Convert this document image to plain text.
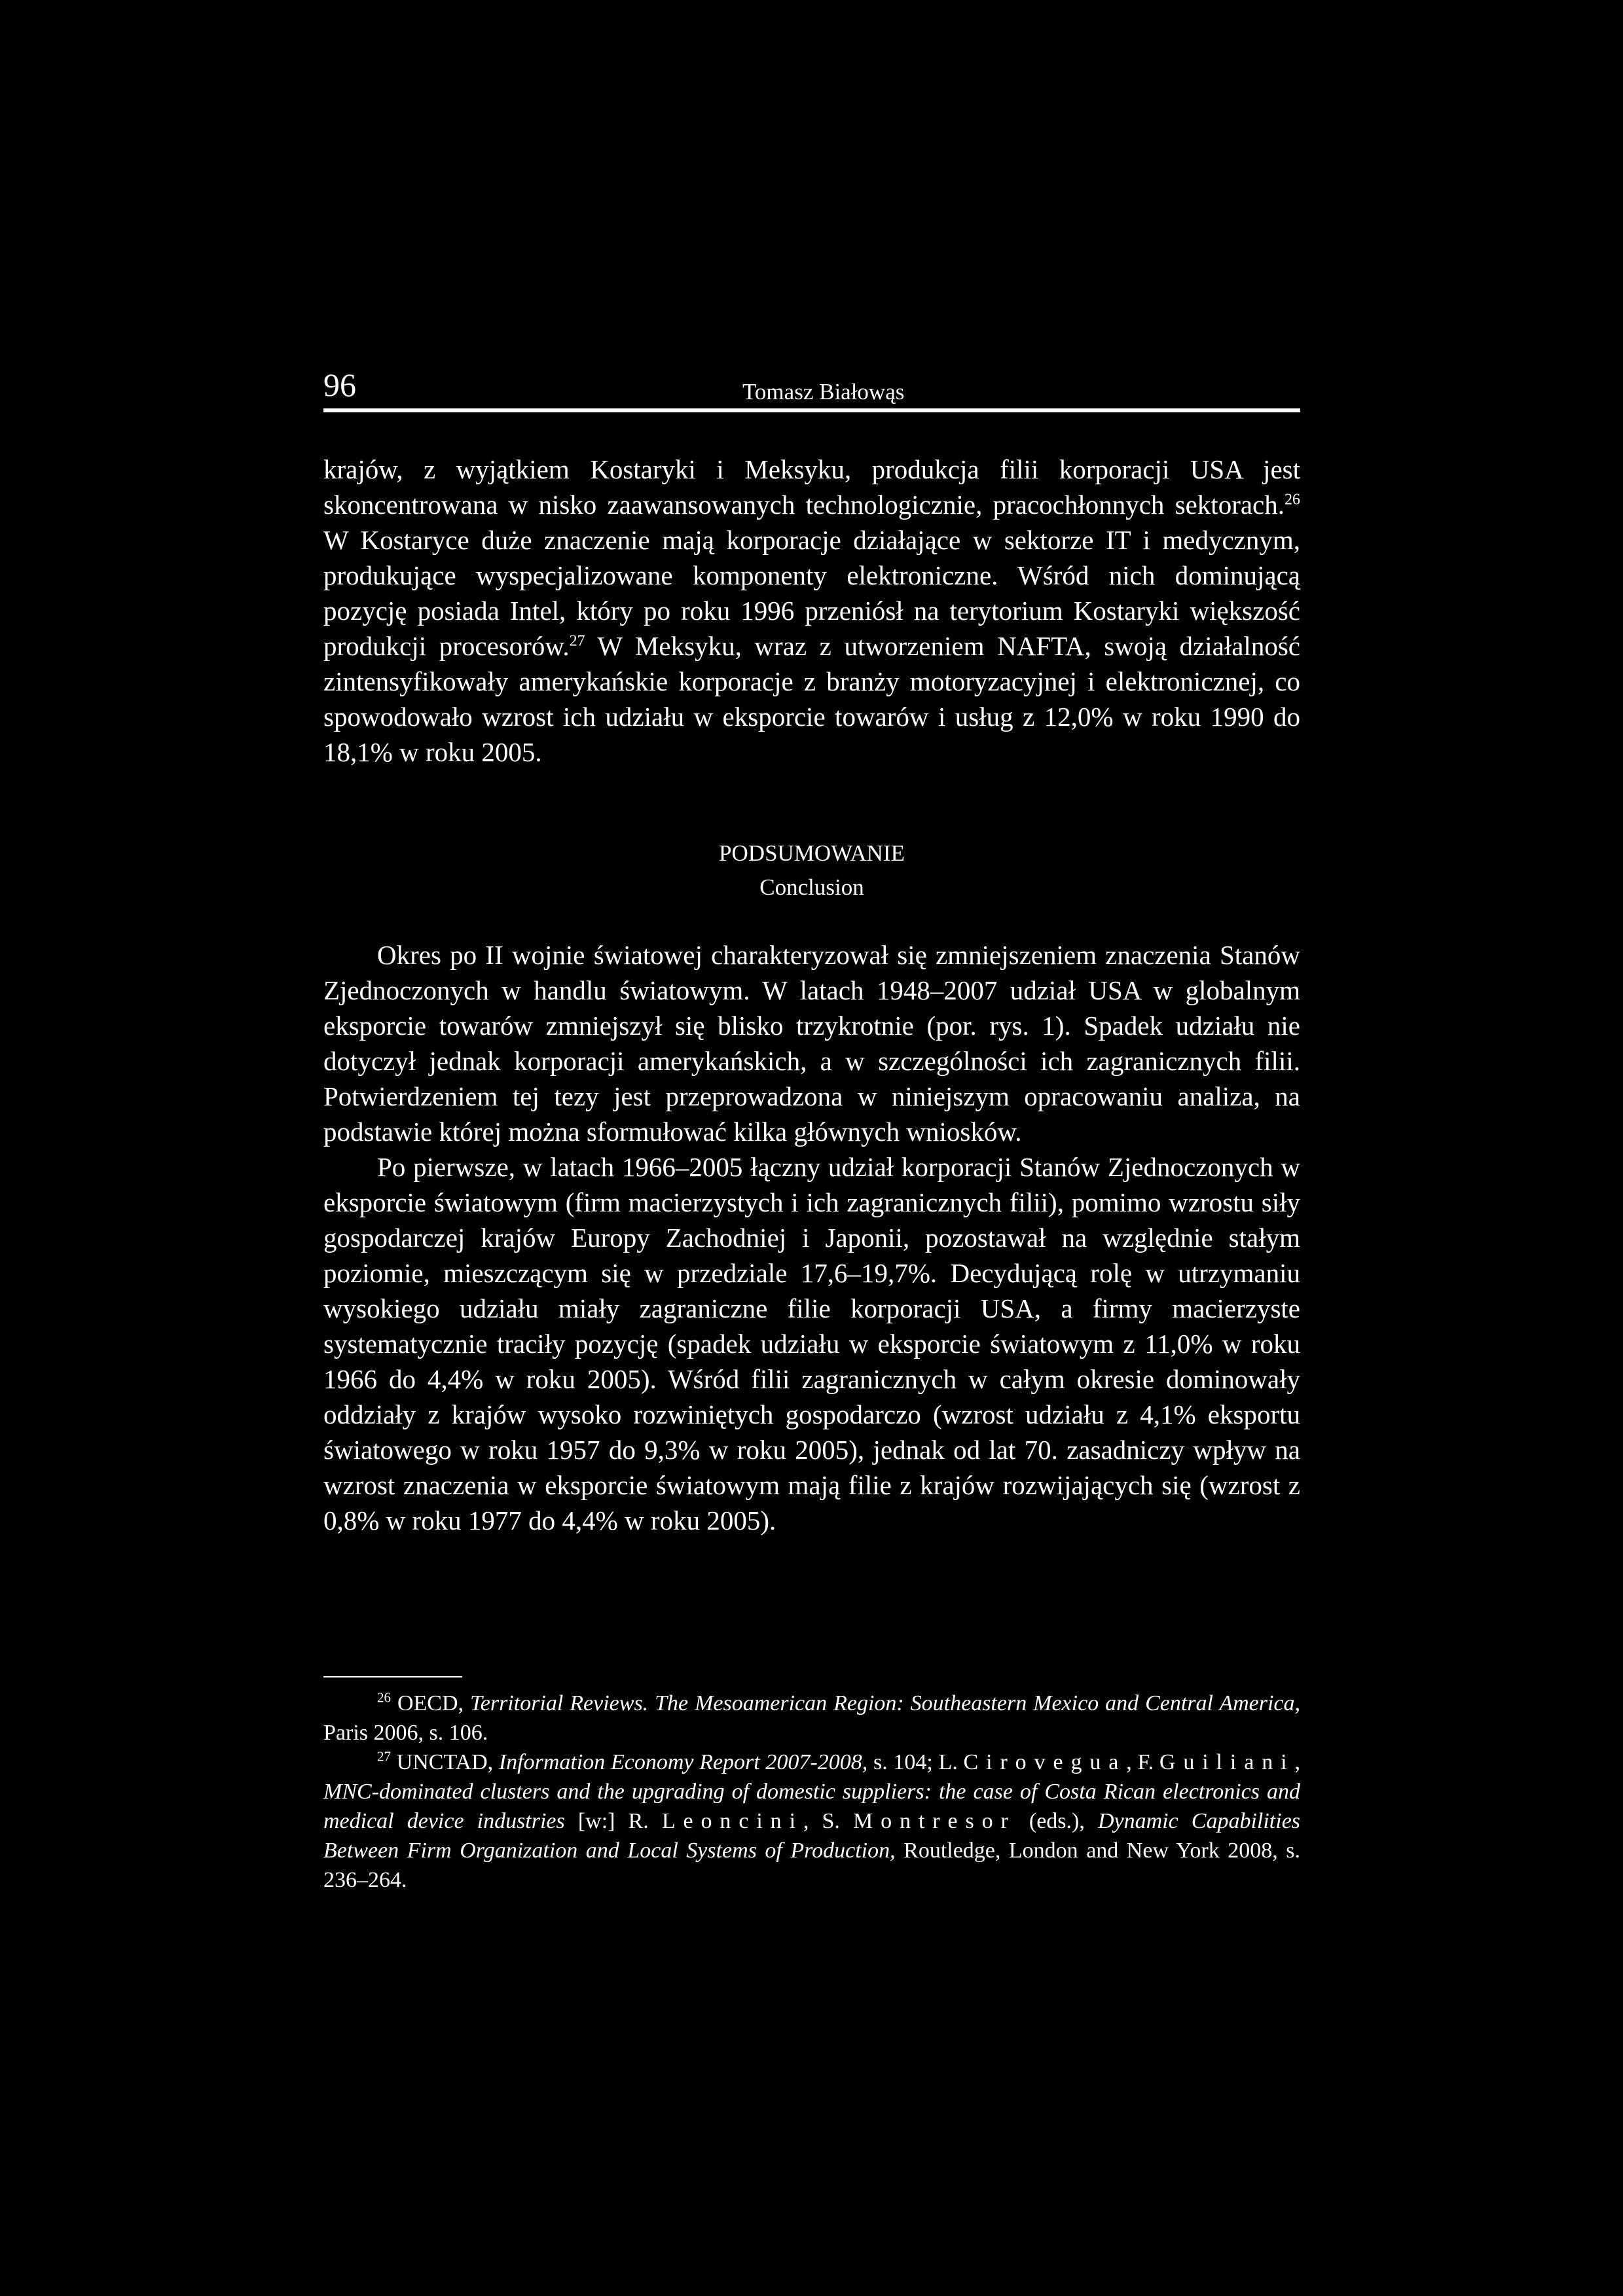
96	Tomasz Białowąs

krajów, z wyjątkiem Kostaryki i Meksyku, produkcja filii korporacji USA jest skoncentrowana w nisko zaawansowanych technologicznie, pracochłonnych sektorach.$^{26}$ W Kostaryce duże znaczenie mają korporacje działające w sektorze IT i medycznym, produkujące wyspecjalizowane komponenty elektroniczne. Wśród nich dominującą pozycję posiada Intel, który po roku 1996 przeniósł na terytorium Kostaryki większość produkcji procesorów.$^{27}$ W Meksyku, wraz z utworzeniem NAFTA, swoją działalność zintensyfikowały amerykańskie korporacje z branży motoryzacyjnej i elektronicznej, co spowodowało wzrost ich udziału w eksporcie towarów i usług z 12,0% w roku 1990 do 18,1% w roku 2005.

PODSUMOWANIE
Conclusion

Okres po II wojnie światowej charakteryzował się zmniejszeniem znaczenia Stanów Zjednoczonych w handlu światowym. W latach 1948–2007 udział USA w globalnym eksporcie towarów zmniejszył się blisko trzykrotnie (por. rys. 1). Spadek udziału nie dotyczył jednak korporacji amerykańskich, a w szczególności ich zagranicznych filii. Potwierdzeniem tej tezy jest przeprowadzona w niniejszym opracowaniu analiza, na podstawie której można sformułować kilka głównych wniosków.

Po pierwsze, w latach 1966–2005 łączny udział korporacji Stanów Zjednoczonych w eksporcie światowym (firm macierzystych i ich zagranicznych filii), pomimo wzrostu siły gospodarczej krajów Europy Zachodniej i Japonii, pozostawał na względnie stałym poziomie, mieszczącym się w przedziale 17,6–19,7%. Decydującą rolę w utrzymaniu wysokiego udziału miały zagraniczne filie korporacji USA, a firmy macierzyste systematycznie traciły pozycję (spadek udziału w eksporcie światowym z 11,0% w roku 1966 do 4,4% w roku 2005). Wśród filii zagranicznych w całym okresie dominowały oddziały z krajów wysoko rozwiniętych gospodarczo (wzrost udziału z 4,1% eksportu światowego w roku 1957 do 9,3% w roku 2005), jednak od lat 70. zasadniczy wpływ na wzrost znaczenia w eksporcie światowym mają filie z krajów rozwijających się (wzrost z 0,8% w roku 1977 do 4,4% w roku 2005).

$^{26}$ OECD, Territorial Reviews. The Mesoamerican Region: Southeastern Mexico and Central America, Paris 2006, s. 106.

$^{27}$ UNCTAD, Information Economy Report 2007-2008, s. 104; L. Cirovegua, F. Guiliani, MNC-dominated clusters and the upgrading of domestic suppliers: the case of Costa Rican electronics and medical device industries [w:] R. Leoncini, S. Montresor (eds.), Dynamic Capabilities Between Firm Organization and Local Systems of Production, Routledge, London and New York 2008, s. 236–264.
